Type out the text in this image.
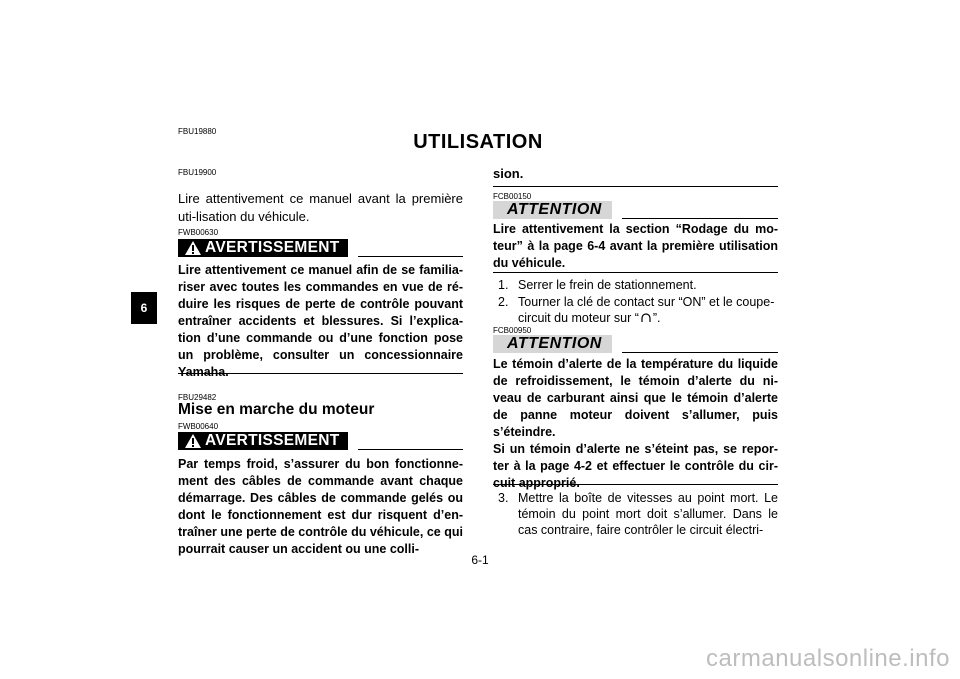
6
FBU19880	UTILISATION
FBU19900
Lire attentivement ce manuel avant la première uti-lisation du véhicule.
FWB00630
AVERTISSEMENT
Lire attentivement ce manuel afin de se familia-riser avec toutes les commandes en vue de ré-duire les risques de perte de contrôle pouvant entraîner accidents et blessures. Si l’explica-tion d’une commande ou d’une fonction pose un problème, consulter un concessionnaire Yamaha.
FBU29482
Mise en marche du moteur
FWB00640
AVERTISSEMENT
Par temps froid, s’assurer du bon fonctionne-ment des câbles de commande avant chaque démarrage. Des câbles de commande gelés ou dont le fonctionnement est dur risquent d’en-traîner une perte de contrôle du véhicule, ce qui pourrait causer un accident ou une colli-
sion.
FCB00150
ATTENTION
Lire attentivement la section “Rodage du mo-teur” à la page 6-4 avant la première utilisation du véhicule.
1. Serrer le frein de stationnement.
2. Tourner la clé de contact sur “ON” et le coupe-circuit du moteur sur “ ”.
FCB00950
ATTENTION
Le témoin d’alerte de la température du liquide de refroidissement, le témoin d’alerte du ni-veau de carburant ainsi que le témoin d’alerte de panne moteur doivent s’allumer, puis s’éteindre.
Si un témoin d’alerte ne s’éteint pas, se repor-ter à la page 4-2 et effectuer le contrôle du cir-cuit approprié.
3. Mettre la boîte de vitesses au point mort. Le témoin du point mort doit s’allumer. Dans le cas contraire, faire contrôler le circuit électri-
6-1
carmanualsonline.info
